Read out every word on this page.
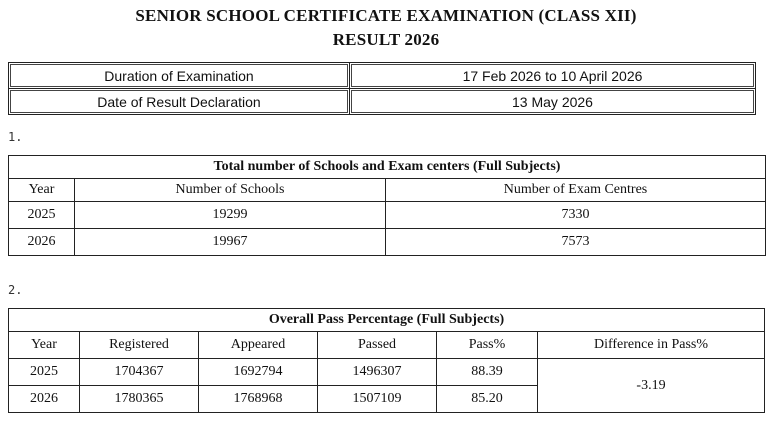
SENIOR SCHOOL CERTIFICATE EXAMINATION (CLASS XII)
RESULT 2026
Duration of Examination	17 Feb 2026 to 10 April 2026
Date of Result Declaration	13 May 2026
1.
Total number of Schools and Exam centers (Full Subjects)		
Year	Number of Schools	Number of Exam Centres
2025	19299	7330
2026	19967	7573
2.
Overall Pass Percentage (Full Subjects)					
Year	Registered	Appeared	Passed	Pass%	Difference in Pass%
2025	1704367	1692794	1496307	88.39	-3.19
2026	1780365	1768968	1507109	85.20	
